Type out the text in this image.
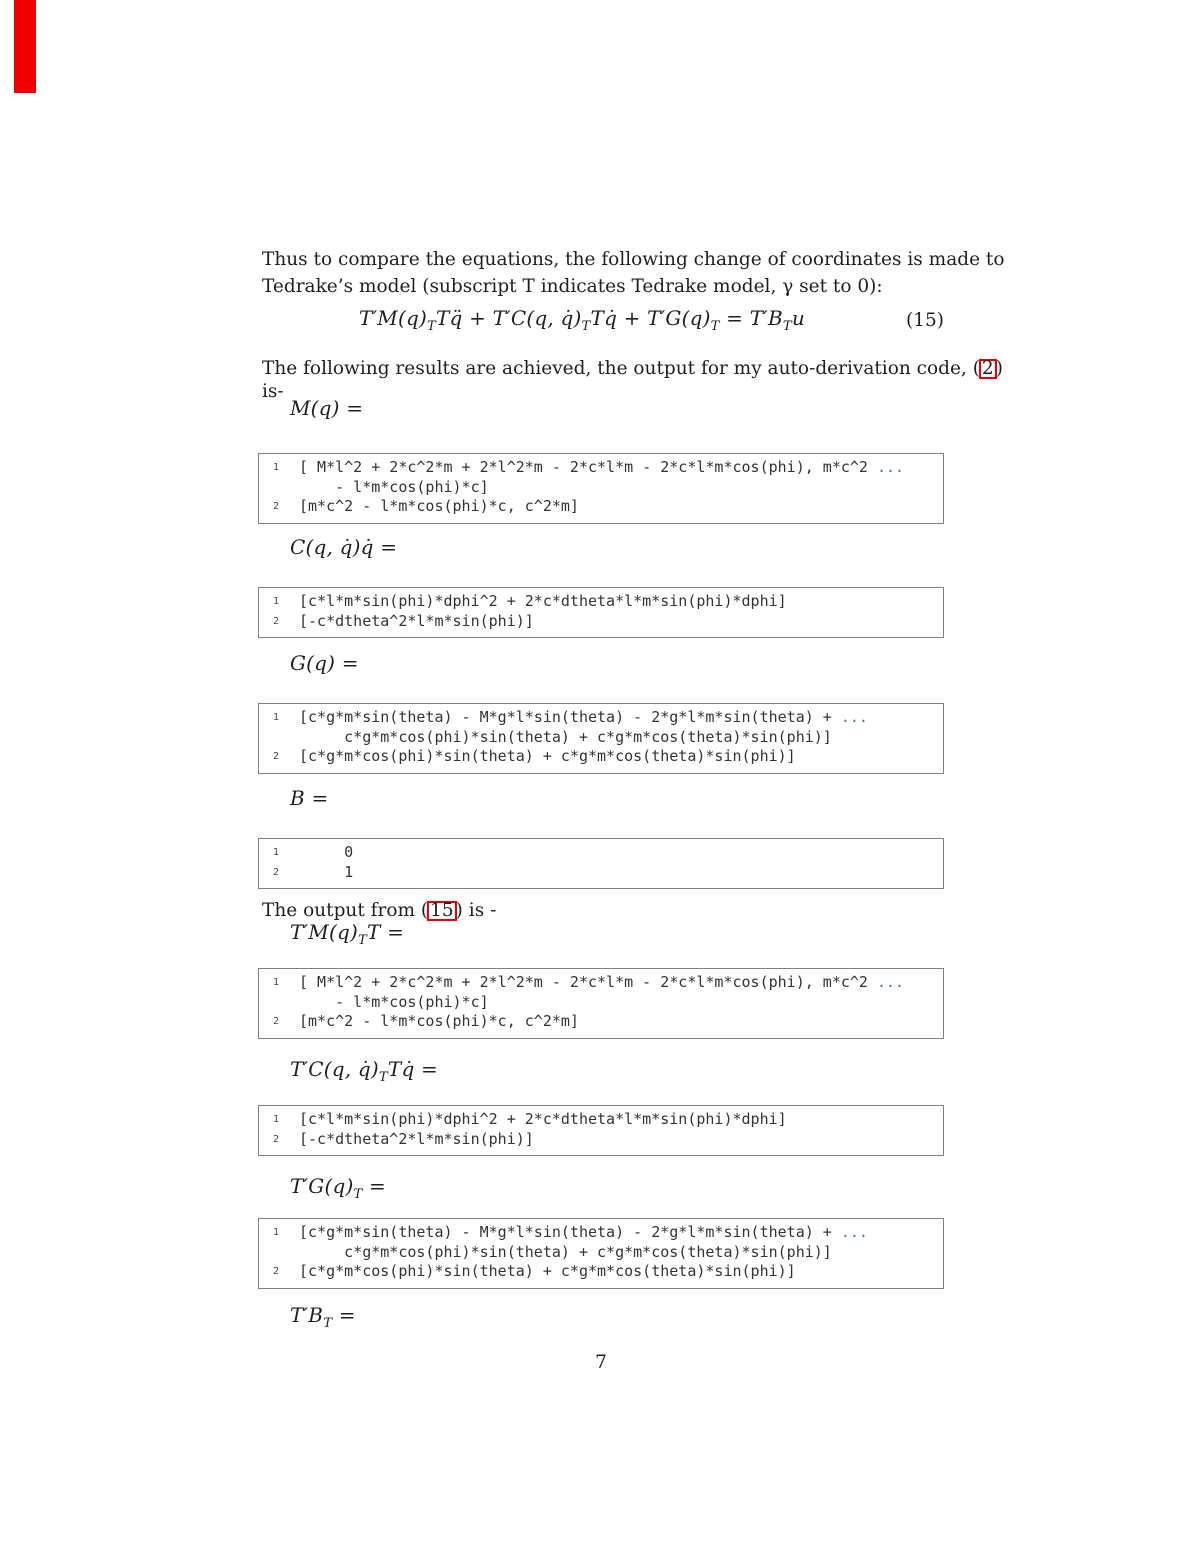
Thus to compare the equations, the following change of coordinates is made to
Tedrake’s model (subscript T indicates Tedrake model, γ set to 0):
$T'M(q)_TTq̈ + T'C(q$, $q̇)_TTq̇ + T'G(q)_T = T'B_Tu$	(15)
The following results are achieved, the output for my auto-derivation code, ( 2 )
is-
M(q) =
1	[ M*l^2 + 2*c^2*m + 2*l^2*m - 2*c*l*m - 2*c*l*m*cos(phi), m*c^2 ...
- l*m*cos(phi)*c]
2	[m*c^2 - l*m*cos(phi)*c, c^2*m]
C(q, q̇)q̇ =
1	[c*l*m*sin(phi)*dphi^2 + 2*c*dtheta*l*m*sin(phi)*dphi]
2	[-c*dtheta^2*l*m*sin(phi)]
G(q) =
1	[c*g*m*sin(theta) - M*g*l*sin(theta) - 2*g*l*m*sin(theta) + ...
c*g*m*cos(phi)*sin(theta) + c*g*m*cos(theta)*sin(phi)]
2	[c*g*m*cos(phi)*sin(theta) + c*g*m*cos(theta)*sin(phi)]
B =
1	0
2	1
The output from ( 15 ) is -
$T'M(q)_TT$ =
1	[ M*l^2 + 2*c^2*m + 2*l^2*m - 2*c*l*m - 2*c*l*m*cos(phi), m*c^2 ...
- l*m*cos(phi)*c]
2	[m*c^2 - l*m*cos(phi)*c, c^2*m]
T′C(q, $q̇)_TTq̇$ =
1	[c*l*m*sin(phi)*dphi^2 + 2*c*dtheta*l*m*sin(phi)*dphi]
2	[-c*dtheta^2*l*m*sin(phi)]
$T'G(q)_T$ =
1	[c*g*m*sin(theta) - M*g*l*sin(theta) - 2*g*l*m*sin(theta) + ...
c*g*m*cos(phi)*sin(theta) + c*g*m*cos(theta)*sin(phi)]
2	[c*g*m*cos(phi)*sin(theta) + c*g*m*cos(theta)*sin(phi)]
$T'B_T$ =
7
